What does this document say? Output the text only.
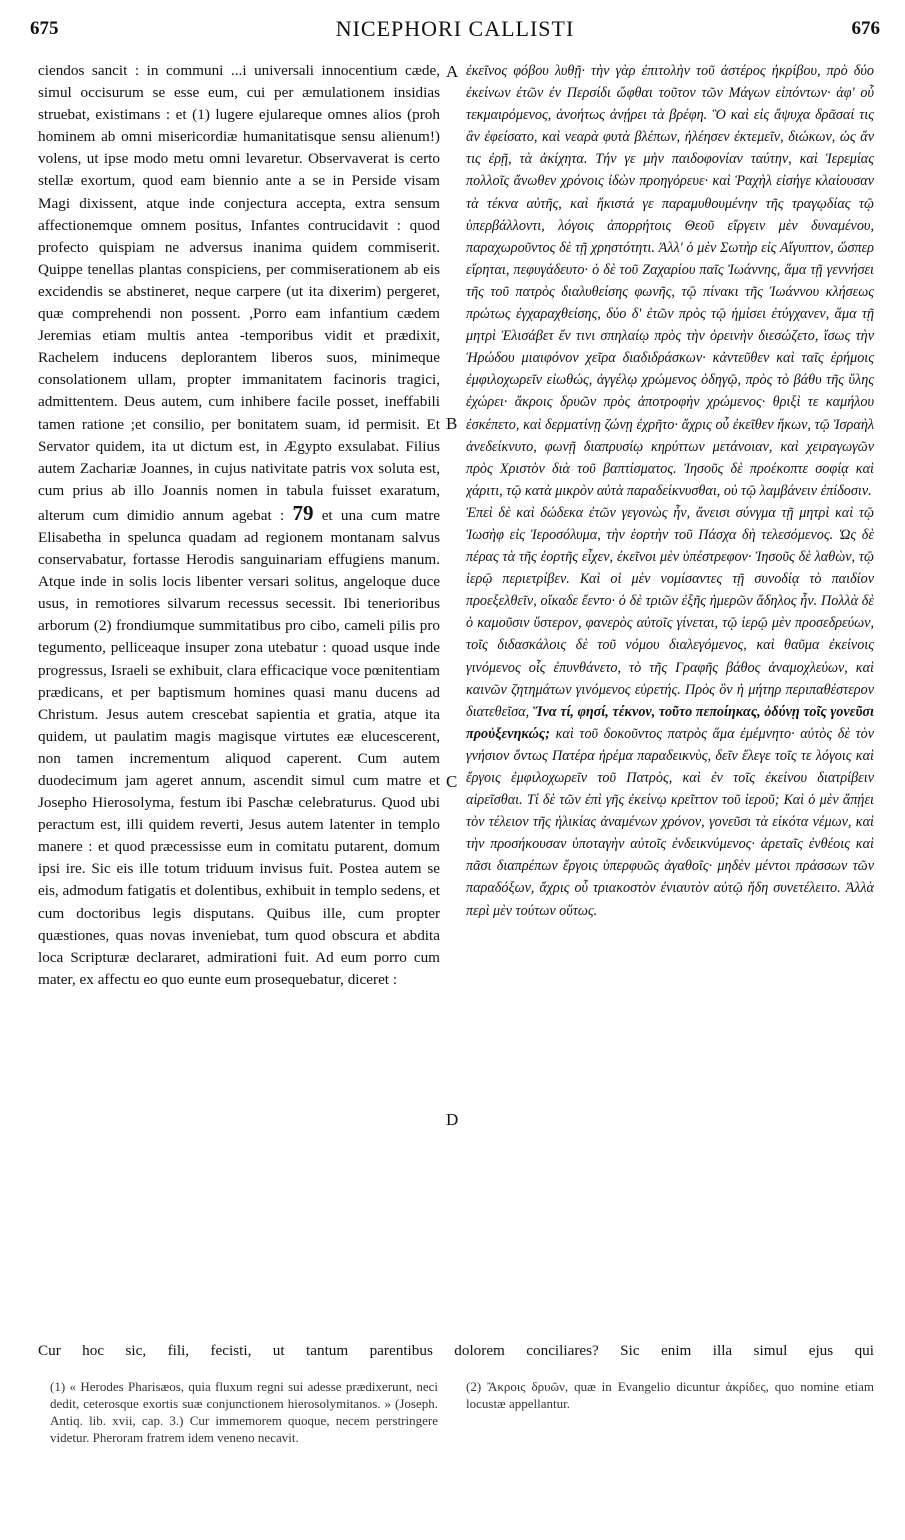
675	NICEPHORI CALLISTI	676

ciendos sancit : in communi ...i universali innocentium cæde, simul occisurum se esse eum, cui per æmulationem insidias struebat, existimans : et (1) lugere ejulareque omnes alios (proh hominem ab omni misericordiæ humanitatisque sensu alienum!) volens, ut ipse modo metu omni levaretur. Observaverat is certo stellæ exortum, quod eam biennio ante a se in Perside visam Magi dixissent, atque inde conjectura accepta, extra sensum affectionemque omnem positus, Infantes contrucidavit : quod profecto quispiam ne adversus inanima quidem commiserit. Quippe tenellas plantas conspiciens, per commiserationem ab eis excidendis se abstineret, neque carpere (ut ita dixerim) pergeret, quæ comprehendi non possent. ,Porro eam infantium cædem Jeremias etiam multis antea -temporibus vidit et prædixit, Rachelem inducens deplorantem liberos suos, minimeque consolationem ullam, propter immanitatem facinoris tragici, admittentem. Deus autem, cum inhibere facile posset, ineffabili tamen ratione ;et consilio, per bonitatem suam, id permisit. Et Servator quidem, ita ut dictum est, in Ægypto exsulabat. Filius autem Zachariæ Joannes, in cujus nativitate patris vox soluta est, cum prius ab illo Joannis nomen in tabula fuisset exaratum, alterum cum dimidio annum agebat : 79 et una cum matre Elisabetha in spelunca quadam ad regionem montanam salvus conservabatur, fortasse Herodis sanguinariam effugiens manum. Atque inde in solis locis libenter versari solitus, angeloque duce usus, in remotiores silvarum recessus secessit. Ibi tenerioribus arborum (2) frondiumque summitatibus pro cibo, cameli pilis pro tegumento, pelliceaque insuper zona utebatur : quoad usque inde progressus, Israeli se exhibuit, clara efficacique voce pœnitentiam prædicans, et per baptismum homines quasi manu ducens ad Christum. Jesus autem crescebat sapientia et gratia, atque ita quidem, ut paulatim magis magisque virtutes eæ elucescerent, non tamen incrementum aliquod caperent. Cum autem duodecimum jam ageret annum, ascendit simul cum matre et Josepho Hierosolyma, festum ibi Paschæ celebraturus. Quod ubi peractum est, illi quidem reverti, Jesus autem latenter in templo manere : et quod præcessisse eum in comitatu putarent, domum ipsi ire. Sic eis ille totum triduum invisus fuit. Postea autem se eis, admodum fatigatis et dolentibus, exhibuit in templo sedens, et cum doctoribus legis disputans. Quibus ille, cum propter quæstiones, quas novas inveniebat, tum quod obscura et abdita loca Scripturæ declararet, admirationi fuit. Ad eum porro cum mater, ex affectu eo quo eunte eum prosequebatur, diceret :

A
B
C
D

ἐκεῖνος φόβου λυθῇ· τὴν γὰρ ἐπιτολὴν τοῦ ἀστέρος ἠκρίβου, πρὸ δύο ἐκείνων ἐτῶν ἐν Περσίδι ὤφθαι τοῦτον τῶν Μάγων εἰπόντων· ἀφ' οὗ τεκμαιρόμενος, ἀνοήτως ἀνῄρει τὰ βρέφη. Ὃ καὶ εἰς ἄψυχα δρᾶσαί τις ἂν ἐφείσατο, καὶ νεαρὰ φυτὰ βλέπων, ἠλέησεν ἐκτεμεῖν, διώκων, ὡς ἄν τις ἐρῇ, τὰ ἀκίχητα. Τήν γε μὴν παιδοφονίαν ταύτην, καὶ Ἱερεμίας πολλοῖς ἄνωθεν χρόνοις ἰδὼν προηγόρευε· καὶ Ῥαχὴλ εἰσήγε κλαίουσαν τὰ τέκνα αὐτῆς, καὶ ἥκιστά γε παραμυθουμένην τῆς τραγῳδίας τῷ ὑπερβάλλοντι, λόγοις ἀπορρήτοις Θεοῦ εἴργειν μὲν δυναμένου, παραχωροῦντος δὲ τῇ χρηστότητι. Ἀλλ' ὁ μὲν Σωτὴρ εἰς Αἴγυπτον, ὥσπερ εἴρηται, πεφυγάδευτο· ὁ δὲ τοῦ Ζαχαρίου παῖς Ἰωάννης, ἅμα τῇ γεννήσει τῆς τοῦ πατρὸς διαλυθείσης φωνῆς, τῷ πίνακι τῆς Ἰωάννου κλήσεως πρώτως ἐγχαραχθείσης, δύο δ' ἐτῶν πρὸς τῷ ἡμίσει ἐτύγχανεν, ἅμα τῇ μητρὶ Ἐλισάβετ ἔν τινι σπηλαίῳ πρὸς τὴν ὀρεινὴν διεσώζετο, ἴσως τὴν Ἡρώδου μιαιφόνον χεῖρα διαδιδράσκων· κἀντεῦθεν καὶ ταῖς ἐρήμοις ἐμφιλοχωρεῖν εἰωθώς, ἀγγέλῳ χρώμενος ὁδηγῷ, πρὸς τὸ βάθυ τῆς ὕλης ἐχώρει· ἄκροις δρυῶν πρὸς ἀποτροφὴν χρώμενος· θριξὶ τε καμήλου ἐσκέπετο, καὶ δερματίνῃ ζώνῃ ἐχρῆτο· ἄχρις οὗ ἐκεῖθεν ἥκων, τῷ Ἰσραὴλ ἀνεδείκνυτο, φωνῇ διαπρυσίῳ κηρύττων μετάνοιαν, καὶ χειραγωγῶν πρὸς Χριστὸν διὰ τοῦ βαπτίσματος. Ἰησοῦς δὲ προέκοπτε σοφίᾳ καὶ χάριτι, τῷ κατὰ μικρὸν αὐτὰ παραδείκνυσθαι, οὐ τῷ λαμβάνειν ἐπίδοσιν.

Ἐπεὶ δὲ καὶ δώδεκα ἐτῶν γεγονὼς ἦν, ἄνεισι σύνγμα τῇ μητρὶ καὶ τῷ Ἰωσὴφ εἰς Ἱεροσόλυμα, τὴν ἑορτὴν τοῦ Πάσχα δὴ τελεσόμενος. Ὡς δὲ πέρας τὰ τῆς ἑορτῆς εἶχεν, ἐκεῖνοι μὲν ὑπέστρεφον· Ἰησοῦς δὲ λαθὼν, τῷ ἱερῷ περιετρίβεν. Καὶ οἱ μὲν νομίσαντες τῇ συνοδίᾳ τὸ παιδίον προεξελθεῖν, οἴκαδε ἔεντο· ὁ δὲ τριῶν ἐξῆς ἡμερῶν ἄδηλος ἦν. Πολλὰ δὲ ὁ καμοῦσιν ὕστερον, φανερὸς αὐτοῖς γίνεται, τῷ ἱερῷ μὲν προσεδρεύων, τοῖς διδασκάλοις δὲ τοῦ νόμου διαλεγόμενος, καὶ θαῦμα ἐκείνοις γινόμενος οἷς ἐπυνθάνετο, τὸ τῆς Γραφῆς βάθος ἀναμοχλεύων, καὶ καινῶν ζητημάτων γινόμενος εὑρετής. Πρὸς ὃν ἡ μήτηρ περιπαθέστερον διατεθεῖσα, Ἵνα τί, φησί, τέκνον, τοῦτο πεποίηκας, ὀδύνῃ τοῖς γονεῦσι προὐξενηκώς; καὶ τοῦ δοκοῦντος πατρὸς ἅμα ἐμέμνητο· αὐτὸς δὲ τὸν γνήσιον ὄντως Πατέρα ἠρέμα παραδεικνὺς, δεῖν ἔλεγε τοῖς τε λόγοις καὶ ἔργοις ἐμφιλοχωρεῖν τοῦ Πατρὸς, καὶ ἐν τοῖς ἐκείνου διατρίβειν αἱρεῖσθαι. Τί δὲ τῶν ἐπὶ γῆς ἐκείνῳ κρεῖττον τοῦ ἱεροῦ; Καὶ ὁ μὲν ἄπῄει τὸν τέλειον τῆς ἡλικίας ἀναμένων χρόνον, γονεῦσι τὰ εἰκότα νέμων, καὶ τὴν προσήκουσαν ὑποταγὴν αὐτοῖς ἐνδεικνύμενος· ἀρεταῖς ἐνθέοις καὶ πᾶσι διαπρέπων ἔργοις ὑπερφυῶς ἀγαθοῖς· μηδὲν μέντοι πράσσων τῶν παραδόξων, ἄχρις οὗ τριακοστὸν ἐνιαυτὸν αὐτῷ ἤδη συνετέλειτο. Ἀλλὰ περὶ μὲν τούτων οὕτως.

Cur hoc sic, fili, fecisti, ut tantum parentibus dolorem conciliares? Sic enim illa simul ejus qui

(1) « Herodes Pharisæos, quia fluxum regni sui adesse prædixerunt, neci dedit, ceterosque exortis suæ conjunctionem hierosolymitanos. » (Joseph. Antiq. lib. xvii, cap. 3.) Cur immemorem quoque, necem perstringere videtur. Pheroram fratrem idem veneno necavit.

(2) Ἄκροις δρυῶν, quæ in Evangelio dicuntur ἀκρίδες, quo nomine etiam locustæ appellantur.
